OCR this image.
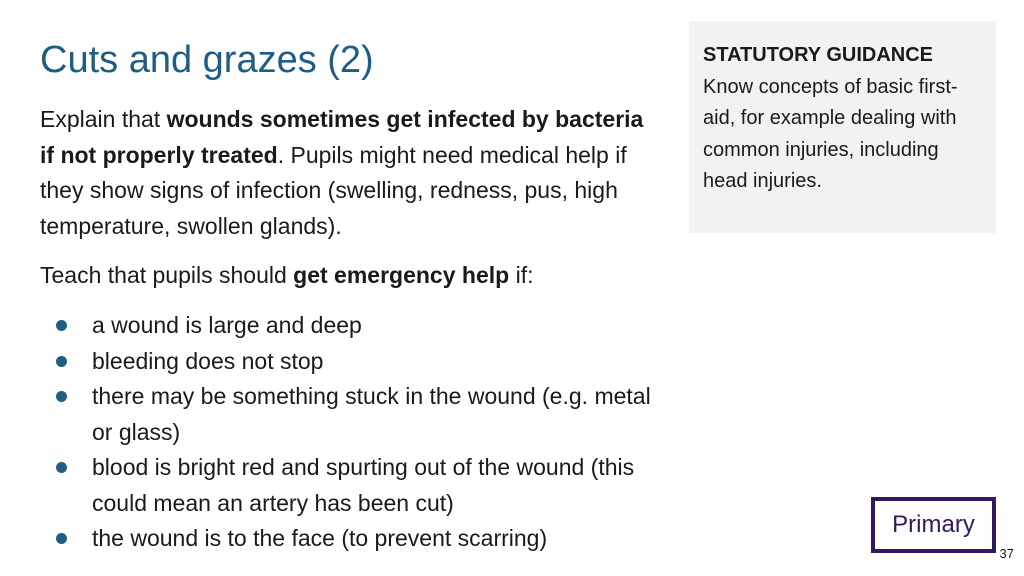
Cuts and grazes (2)

Explain that wounds sometimes get infected by bacteria if not properly treated. Pupils might need medical help if they show signs of infection (swelling, redness, pus, high temperature, swollen glands).

Teach that pupils should get emergency help if:

a wound is large and deep
bleeding does not stop
there may be something stuck in the wound (e.g. metal or glass)
blood is bright red and spurting out of the wound (this could mean an artery has been cut)
the wound is to the face (to prevent scarring)
STATUTORY GUIDANCE
Know concepts of basic first-aid, for example dealing with common injuries, including head injuries.
Primary
37
